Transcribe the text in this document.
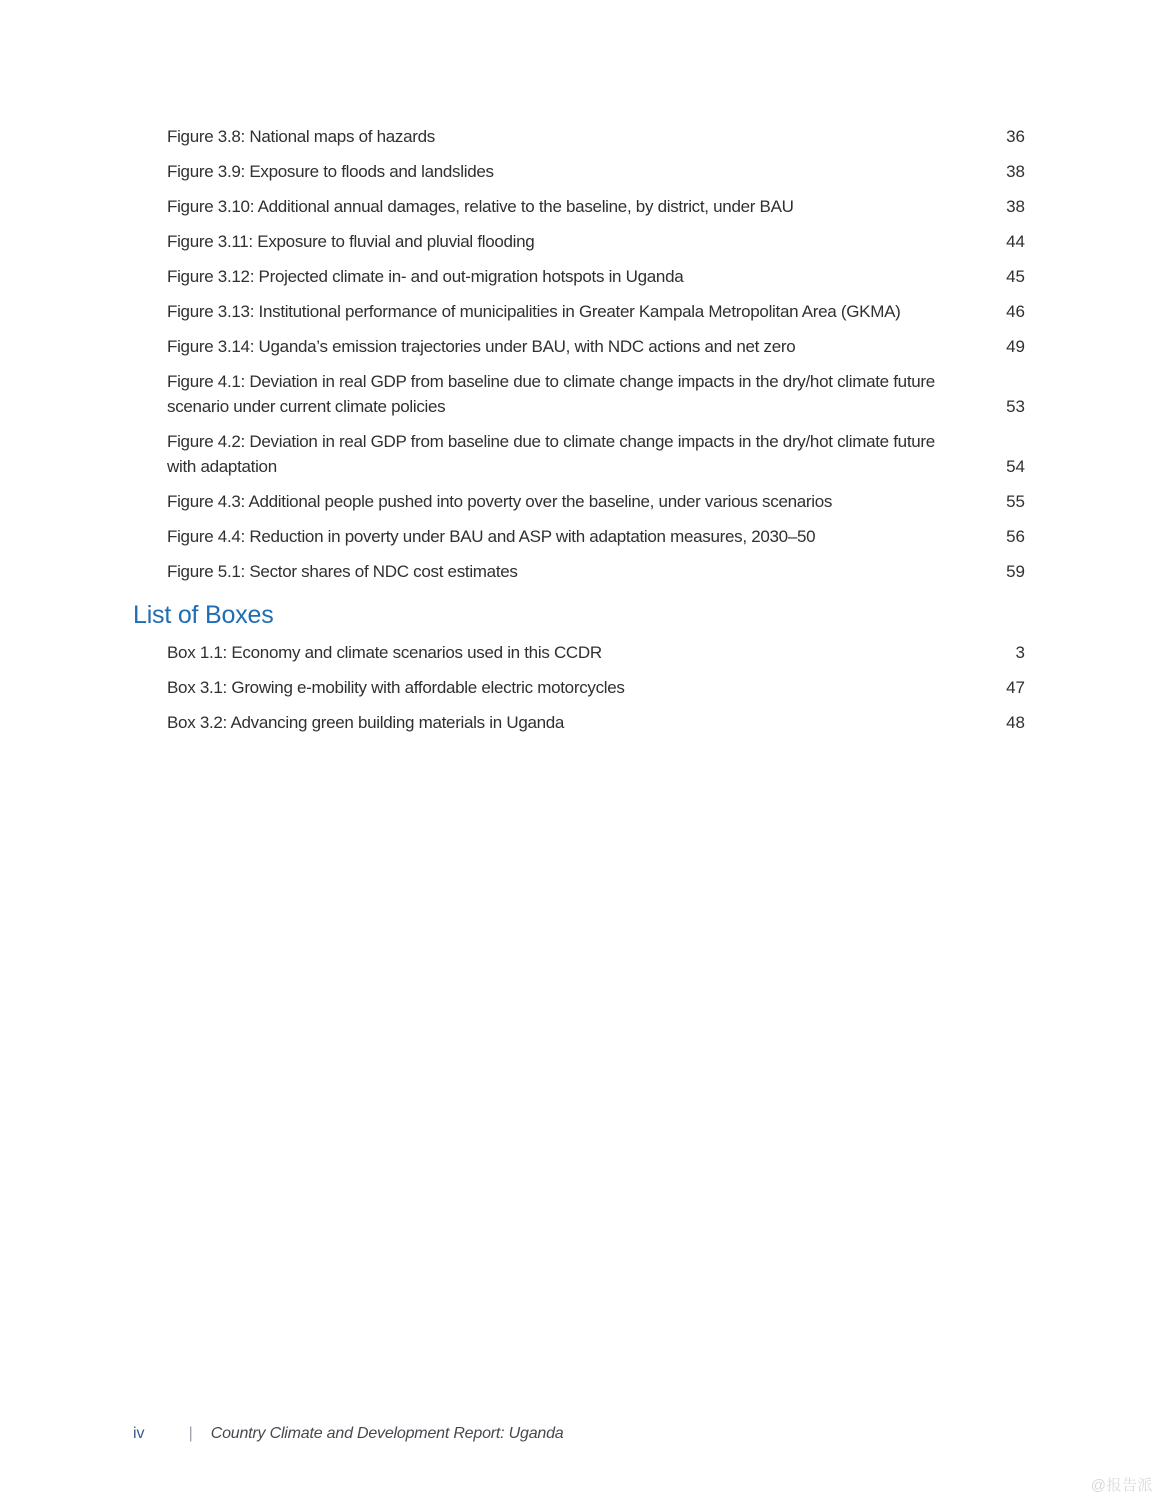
Figure 3.8: National maps of hazards	36
Figure 3.9: Exposure to floods and landslides	38
Figure 3.10: Additional annual damages, relative to the baseline, by district, under BAU	38
Figure 3.11: Exposure to fluvial and pluvial flooding	44
Figure 3.12: Projected climate in- and out-migration hotspots in Uganda	45
Figure 3.13: Institutional performance of municipalities in Greater Kampala Metropolitan Area (GKMA)	46
Figure 3.14: Uganda’s emission trajectories under BAU, with NDC actions and net zero	49
Figure 4.1: Deviation in real GDP from baseline due to climate change impacts in the dry/hot climate future scenario under current climate policies	53
Figure 4.2: Deviation in real GDP from baseline due to climate change impacts in the dry/hot climate future with adaptation	54
Figure 4.3: Additional people pushed into poverty over the baseline, under various scenarios	55
Figure 4.4: Reduction in poverty under BAU and ASP with adaptation measures, 2030–50	56
Figure 5.1: Sector shares of NDC cost estimates	59
List of Boxes
Box 1.1: Economy and climate scenarios used in this CCDR	3
Box 3.1: Growing e-mobility with affordable electric motorcycles	47
Box 3.2: Advancing green building materials in Uganda	48
iv	| Country Climate and Development Report: Uganda
@报告派
